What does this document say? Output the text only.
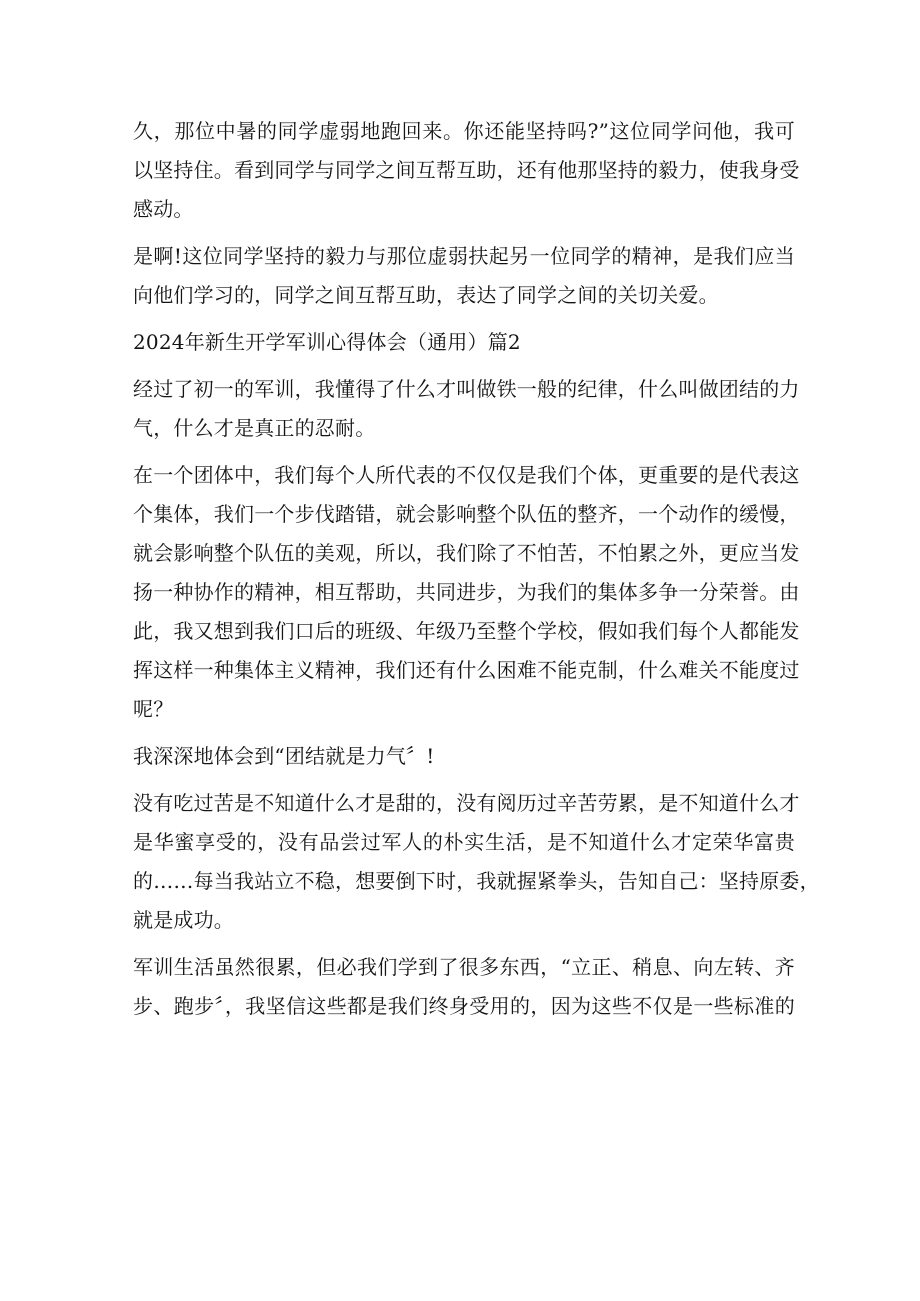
久，那位中暑的同学虚弱地跑回来。你还能坚持吗?”这位同学问他，我可
以坚持住。看到同学与同学之间互帮互助，还有他那坚持的毅力，使我身受
感动。
是啊!这位同学坚持的毅力与那位虚弱扶起另一位同学的精神，是我们应当
向他们学习的，同学之间互帮互助，表达了同学之间的关切关爱。
2024年新生开学军训心得体会（通用）篇2
经过了初一的军训，我懂得了什么才叫做铁一般的纪律，什么叫做团结的力
气，什么才是真正的忍耐。
在一个团体中，我们每个人所代表的不仅仅是我们个体，更重要的是代表这
个集体，我们一个步伐踏错，就会影响整个队伍的整齐，一个动作的缓慢，
就会影响整个队伍的美观，所以，我们除了不怕苦，不怕累之外，更应当发
扬一种协作的精神，相互帮助，共同进步，为我们的集体多争一分荣誉。由
此，我又想到我们口后的班级、年级乃至整个学校，假如我们每个人都能发
挥这样一种集体主义精神，我们还有什么困难不能克制，什么难关不能度过
呢？
我深深地体会到“团结就是力气〞!
没有吃过苦是不知道什么才是甜的，没有阅历过辛苦劳累，是不知道什么才
是华蜜享受的，没有品尝过军人的朴实生活，是不知道什么才定荣华富贵
的……每当我站立不稳，想要倒下时，我就握紧拳头，告知自己：坚持原委，
就是成功。
军训生活虽然很累，但必我们学到了很多东西，“立正、稍息、向左转、齐
步、跑步〞，我坚信这些都是我们终身受用的，因为这些不仅是一些标准的
